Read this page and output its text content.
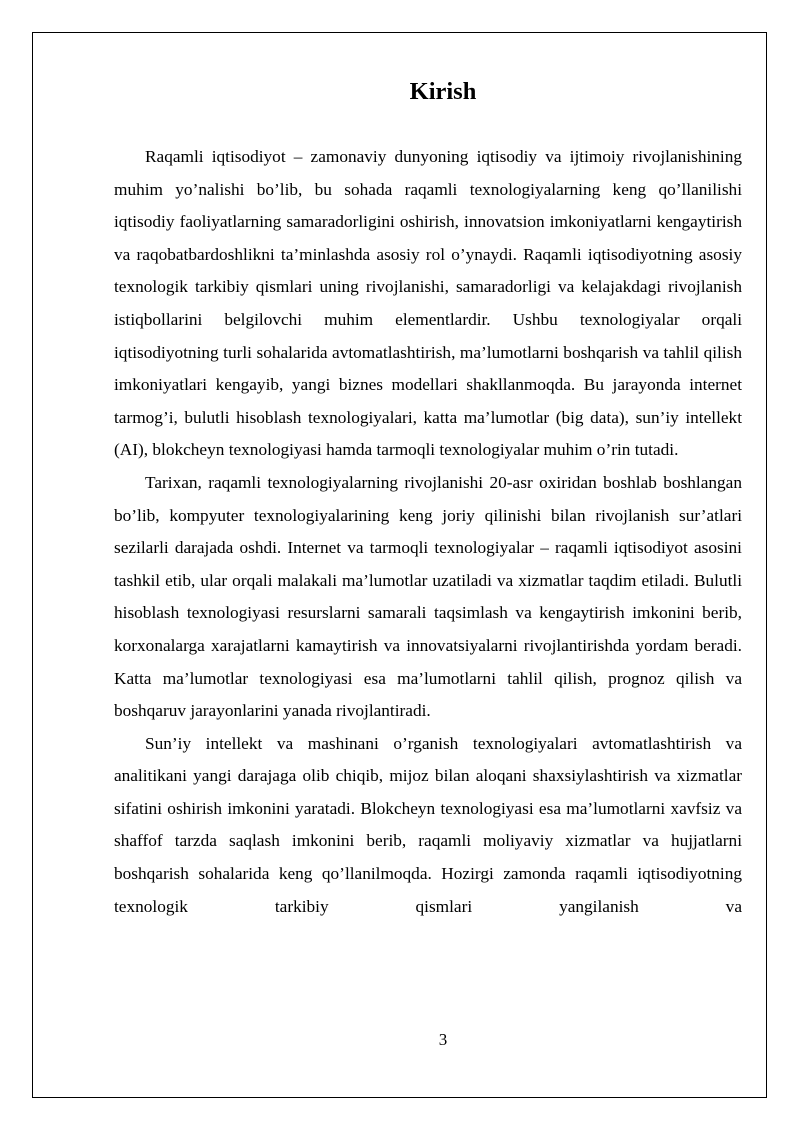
Kirish

Raqamli iqtisodiyot – zamonaviy dunyoning iqtisodiy va ijtimoiy rivojlanishining muhim yo’nalishi bo’lib, bu sohada raqamli texnologiyalarning keng qo’llanilishi iqtisodiy faoliyatlarning samaradorligini oshirish, innovatsion imkoniyatlarni kengaytirish va raqobatbardoshlikni ta’minlashda asosiy rol o’ynaydi. Raqamli iqtisodiyotning asosiy texnologik tarkibiy qismlari uning rivojlanishi, samaradorligi va kelajakdagi rivojlanish istiqbollarini belgilovchi muhim elementlardir. Ushbu texnologiyalar orqali iqtisodiyotning turli sohalarida avtomatlashtirish, ma’lumotlarni boshqarish va tahlil qilish imkoniyatlari kengayib, yangi biznes modellari shakllanmoqda. Bu jarayonda internet tarmog’i, bulutli hisoblash texnologiyalari, katta ma’lumotlar (big data), sun’iy intellekt (AI), blokcheyn texnologiyasi hamda tarmoqli texnologiyalar muhim o’rin tutadi.

Tarixan, raqamli texnologiyalarning rivojlanishi 20-asr oxiridan boshlab boshlangan bo’lib, kompyuter texnologiyalarining keng joriy qilinishi bilan rivojlanish sur’atlari sezilarli darajada oshdi. Internet va tarmoqli texnologiyalar – raqamli iqtisodiyot asosini tashkil etib, ular orqali malakali ma’lumotlar uzatiladi va xizmatlar taqdim etiladi. Bulutli hisoblash texnologiyasi resurslarni samarali taqsimlash va kengaytirish imkonini berib, korxonalarga xarajatlarni kamaytirish va innovatsiyalarni rivojlantirishda yordam beradi. Katta ma’lumotlar texnologiyasi esa ma’lumotlarni tahlil qilish, prognoz qilish va boshqaruv jarayonlarini yanada rivojlantiradi.

Sun’iy intellekt va mashinani o’rganish texnologiyalari avtomatlashtirish va analitikani yangi darajaga olib chiqib, mijoz bilan aloqani shaxsiylashtirish va xizmatlar sifatini oshirish imkonini yaratadi. Blokcheyn texnologiyasi esa ma’lumotlarni xavfsiz va shaffof tarzda saqlash imkonini berib, raqamli moliyaviy xizmatlar va hujjatlarni boshqarish sohalarida keng qo’llanilmoqda. Hozirgi zamonda raqamli iqtisodiyotning texnologik tarkibiy qismlari yangilanish va

3
